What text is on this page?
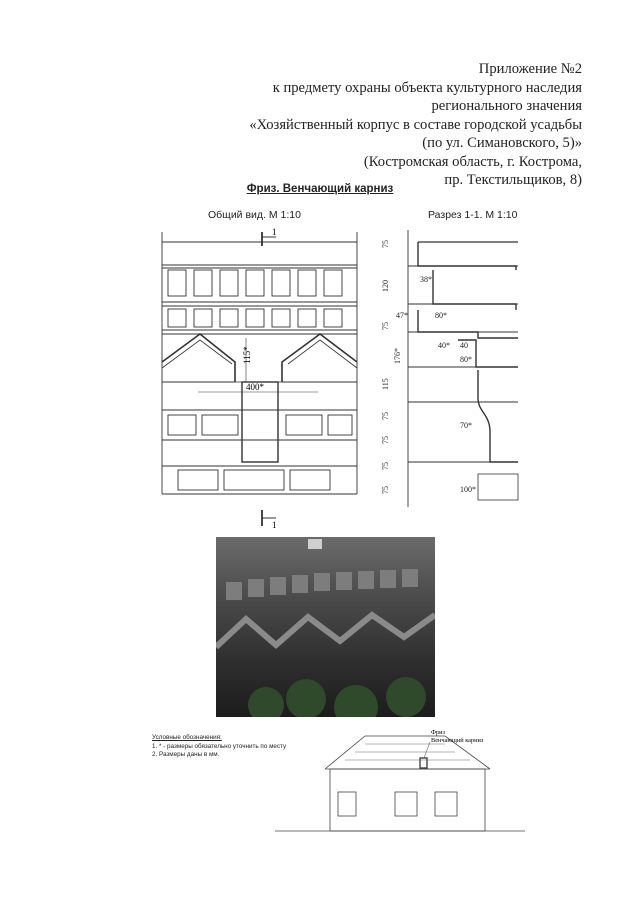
Приложение №2
к предмету охраны объекта культурного наследия
регионального значения
«Хозяйственный корпус в составе городской усадьбы
(по ул. Симановского, 5)»
(Костромская область, г. Кострома,
пр. Текстильщиков, 8)
Фриз. Венчающий карниз
Общий вид. М 1:10	Разрез 1-1. М 1:10
1
1
115*
400*
75
120
75
176*
115
75
75
75
75
38*
47*	80*
40* 40
80*
70*
100*
Условные обозначения:
1. * - размеры обязательно уточнить по месту
2. Размеры даны в мм.
Фриз
Венчающий карниз
